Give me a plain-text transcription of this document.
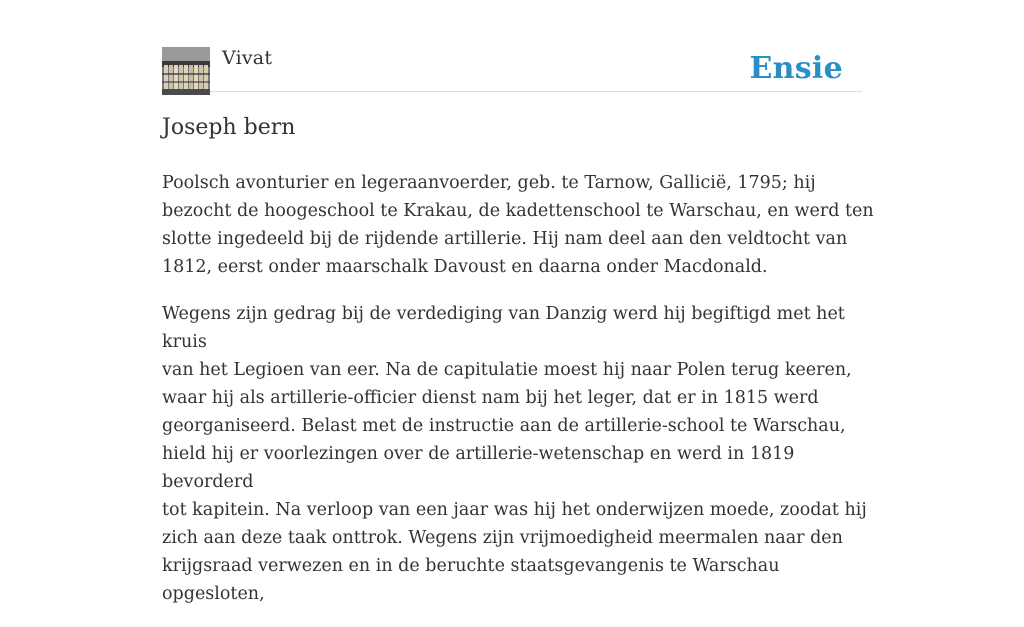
Vivat	Ensie
Joseph bern

Poolsch avonturier en legeraanvoerder, geb. te Tarnow, Gallicië, 1795; hij
bezocht de hoogeschool te Krakau, de kadettenschool te Warschau, en werd ten
slotte ingedeeld bij de rijdende artillerie. Hij nam deel aan den veldtocht van
1812, eerst onder maarschalk Davoust en daarna onder Macdonald.

Wegens zijn gedrag bij de verdediging van Danzig werd hij begiftigd met het kruis
van het Legioen van eer. Na de capitulatie moest hij naar Polen terug keeren,
waar hij als artillerie-officier dienst nam bij het leger, dat er in 1815 werd
georganiseerd. Belast met de instructie aan de artillerie-school te Warschau,
hield hij er voorlezingen over de artillerie-wetenschap en werd in 1819 bevorderd
tot kapitein. Na verloop van een jaar was hij het onderwijzen moede, zoodat hij
zich aan deze taak onttrok. Wegens zijn vrijmoedigheid meermalen naar den
krijgsraad verwezen en in de beruchte staatsgevangenis te Warschau opgesloten,
